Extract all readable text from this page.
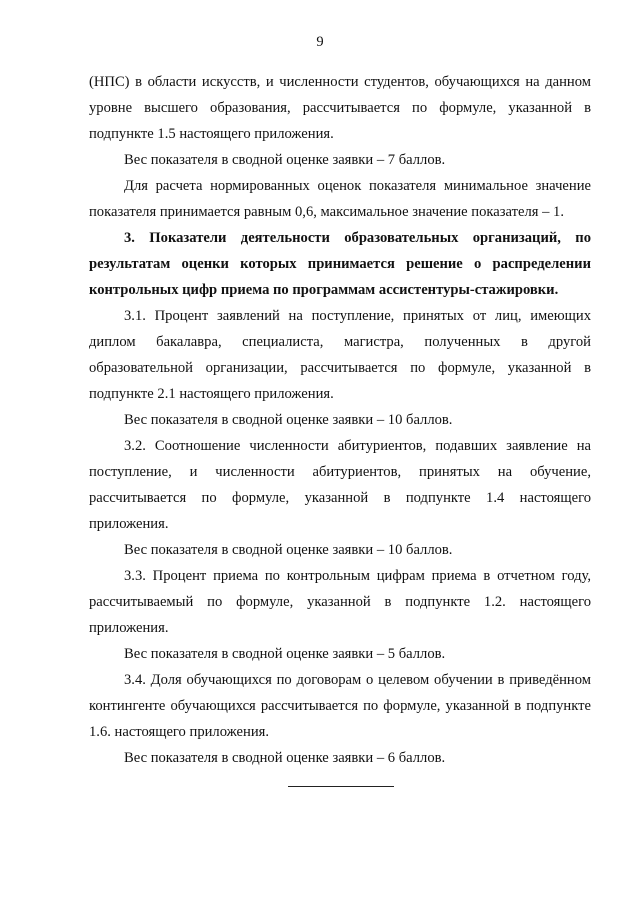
9

(НПС) в области искусств, и численности студентов, обучающихся на данном уровне высшего образования, рассчитывается по формуле, указанной в подпункте 1.5 настоящего приложения.

Вес показателя в сводной оценке заявки – 7 баллов.

Для расчета нормированных оценок показателя минимальное значение показателя принимается равным 0,6, максимальное значение показателя – 1.

3. Показатели деятельности образовательных организаций, по результатам оценки которых принимается решение о распределении контрольных цифр приема по программам ассистентуры-стажировки.

3.1. Процент заявлений на поступление, принятых от лиц, имеющих диплом бакалавра, специалиста, магистра, полученных в другой образовательной организации, рассчитывается по формуле, указанной в подпункте 2.1 настоящего приложения.

Вес показателя в сводной оценке заявки – 10 баллов.

3.2. Соотношение численности абитуриентов, подавших заявление на поступление, и численности абитуриентов, принятых на обучение, рассчитывается по формуле, указанной в подпункте 1.4 настоящего приложения.

Вес показателя в сводной оценке заявки – 10 баллов.

3.3. Процент приема по контрольным цифрам приема в отчетном году, рассчитываемый по формуле, указанной в подпункте 1.2. настоящего приложения.

Вес показателя в сводной оценке заявки – 5 баллов.

3.4. Доля обучающихся по договорам о целевом обучении в приведённом контингенте обучающихся рассчитывается по формуле, указанной в подпункте 1.6. настоящего приложения.

Вес показателя в сводной оценке заявки – 6 баллов.
